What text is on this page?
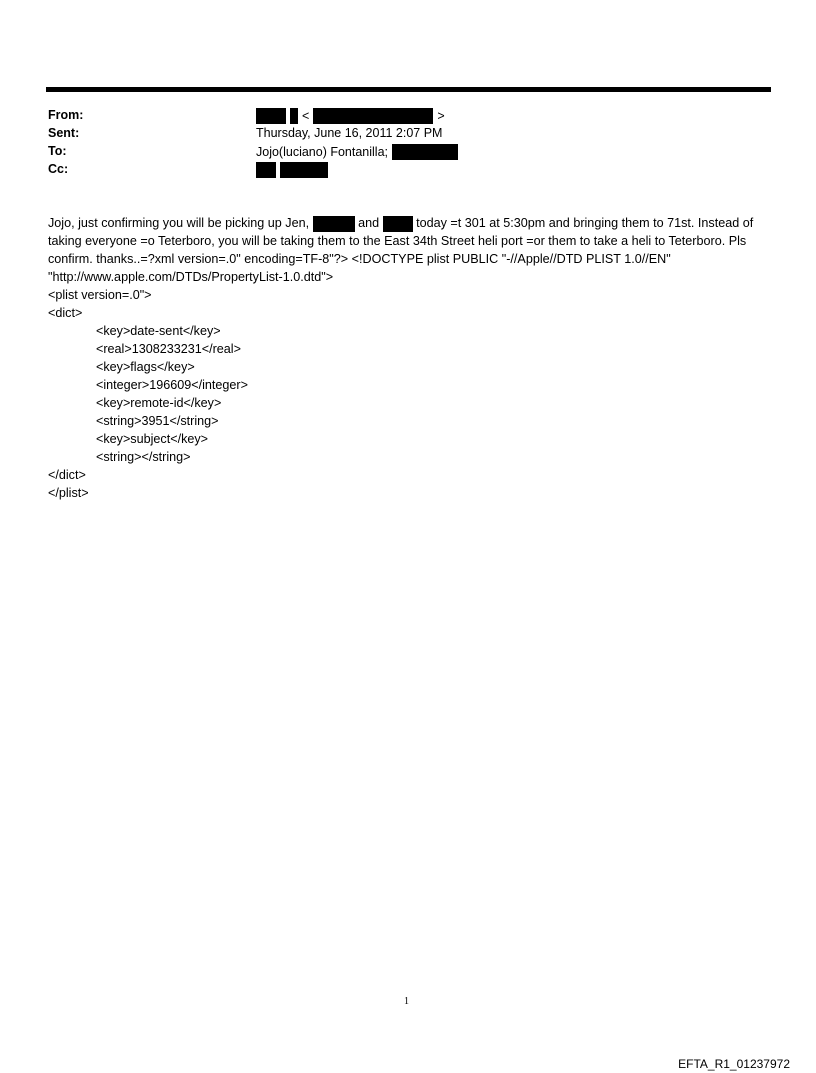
From:	<	>
Sent:	Thursday, June 16, 2011 2:07 PM
To:	Jojo(luciano) Fontanilla;
Cc:

Jojo, just confirming you will be picking up Jen,	and	today =t 301 at 5:30pm and bringing them to 71st. Instead of taking everyone =o Teterboro, you will be taking them to the East 34th Street heli port =or them to take a heli to Teterboro. Pls confirm. thanks..=?xml version=.0" encoding=TF-8"?> <!DOCTYPE plist PUBLIC "-//Apple//DTD PLIST 1.0//EN" "http://www.apple.com/DTDs/PropertyList-1.0.dtd">

<plist version=.0">
<dict>
<key>date-sent</key>
<real>1308233231</real>
<key>flags</key>
<integer>196609</integer>
<key>remote-id</key>
<string>3951</string>
<key>subject</key>
<string></string>
</dict>
</plist>
1
EFTA_R1_01237972
